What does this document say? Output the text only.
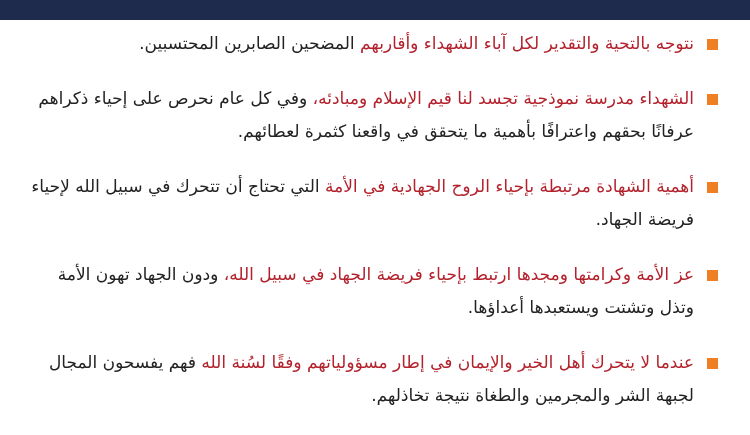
نتوجه بالتحية والتقدير لكل آباء الشهداء وأقاربهم المضحين الصابرين المحتسبين.
الشهداء مدرسة نموذجية تجسد لنا قيم الإسلام ومبادئه، وفي كل عام نحرص على إحياء ذكراهم عرفانًا بحقهم واعترافًا بأهمية ما يتحقق في واقعنا كثمرة لعطائهم.
أهمية الشهادة مرتبطة بإحياء الروح الجهادية في الأمة التي تحتاج أن تتحرك في سبيل الله لإحياء فريضة الجهاد.
عز الأمة وكرامتها ومجدها ارتبط بإحياء فريضة الجهاد في سبيل الله، ودون الجهاد تهون الأمة وتذل وتشتت ويستعبدها أعداؤها.
عندما لا يتحرك أهل الخير والإيمان في إطار مسؤولياتهم وفقًا لسُنة الله فهم يفسحون المجال لجبهة الشر والمجرمين والطغاة نتيجة تخاذلهم.
